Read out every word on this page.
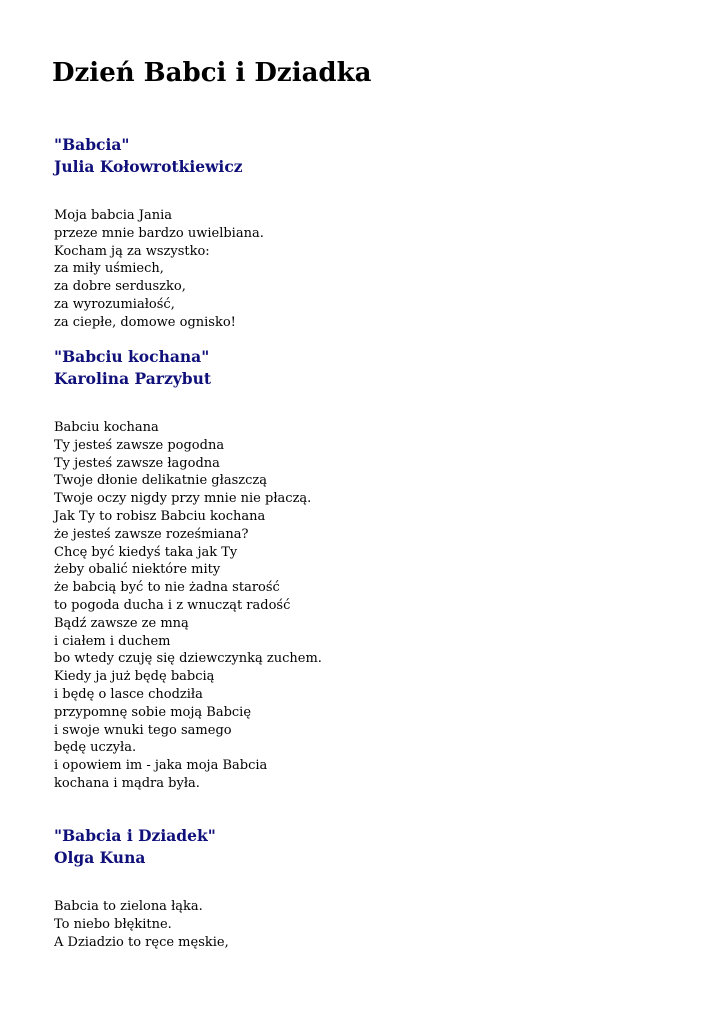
Dzień Babci i Dziadka
"Babcia"
Julia Kołowrotkiewicz
Moja babcia Jania
przeze mnie bardzo uwielbiana.
Kocham ją za wszystko:
za miły uśmiech,
za dobre serduszko,
za wyrozumiałość,
za ciepłe, domowe ognisko!
"Babciu kochana"
Karolina Parzybut
Babciu kochana
Ty jesteś zawsze pogodna
Ty jesteś zawsze łagodna
Twoje dłonie delikatnie głaszczą
Twoje oczy nigdy przy mnie nie płaczą.
Jak Ty to robisz Babciu kochana
że jesteś zawsze roześmiana?
Chcę być kiedyś taka jak Ty
żeby obalić niektóre mity
że babcią być to nie żadna starość
to pogoda ducha i z wnucząt radość
Bądź zawsze ze mną
i ciałem i duchem
bo wtedy czuję się dziewczynką zuchem.
Kiedy ja już będę babcią
i będę o lasce chodziła
przypomnę sobie moją Babcię
i swoje wnuki tego samego
będę uczyła.
i opowiem im - jaka moja Babcia
kochana i mądra była.
"Babcia i Dziadek"
Olga Kuna
Babcia to zielona łąka.
To niebo błękitne.
A Dziadzio to ręce męskie,
